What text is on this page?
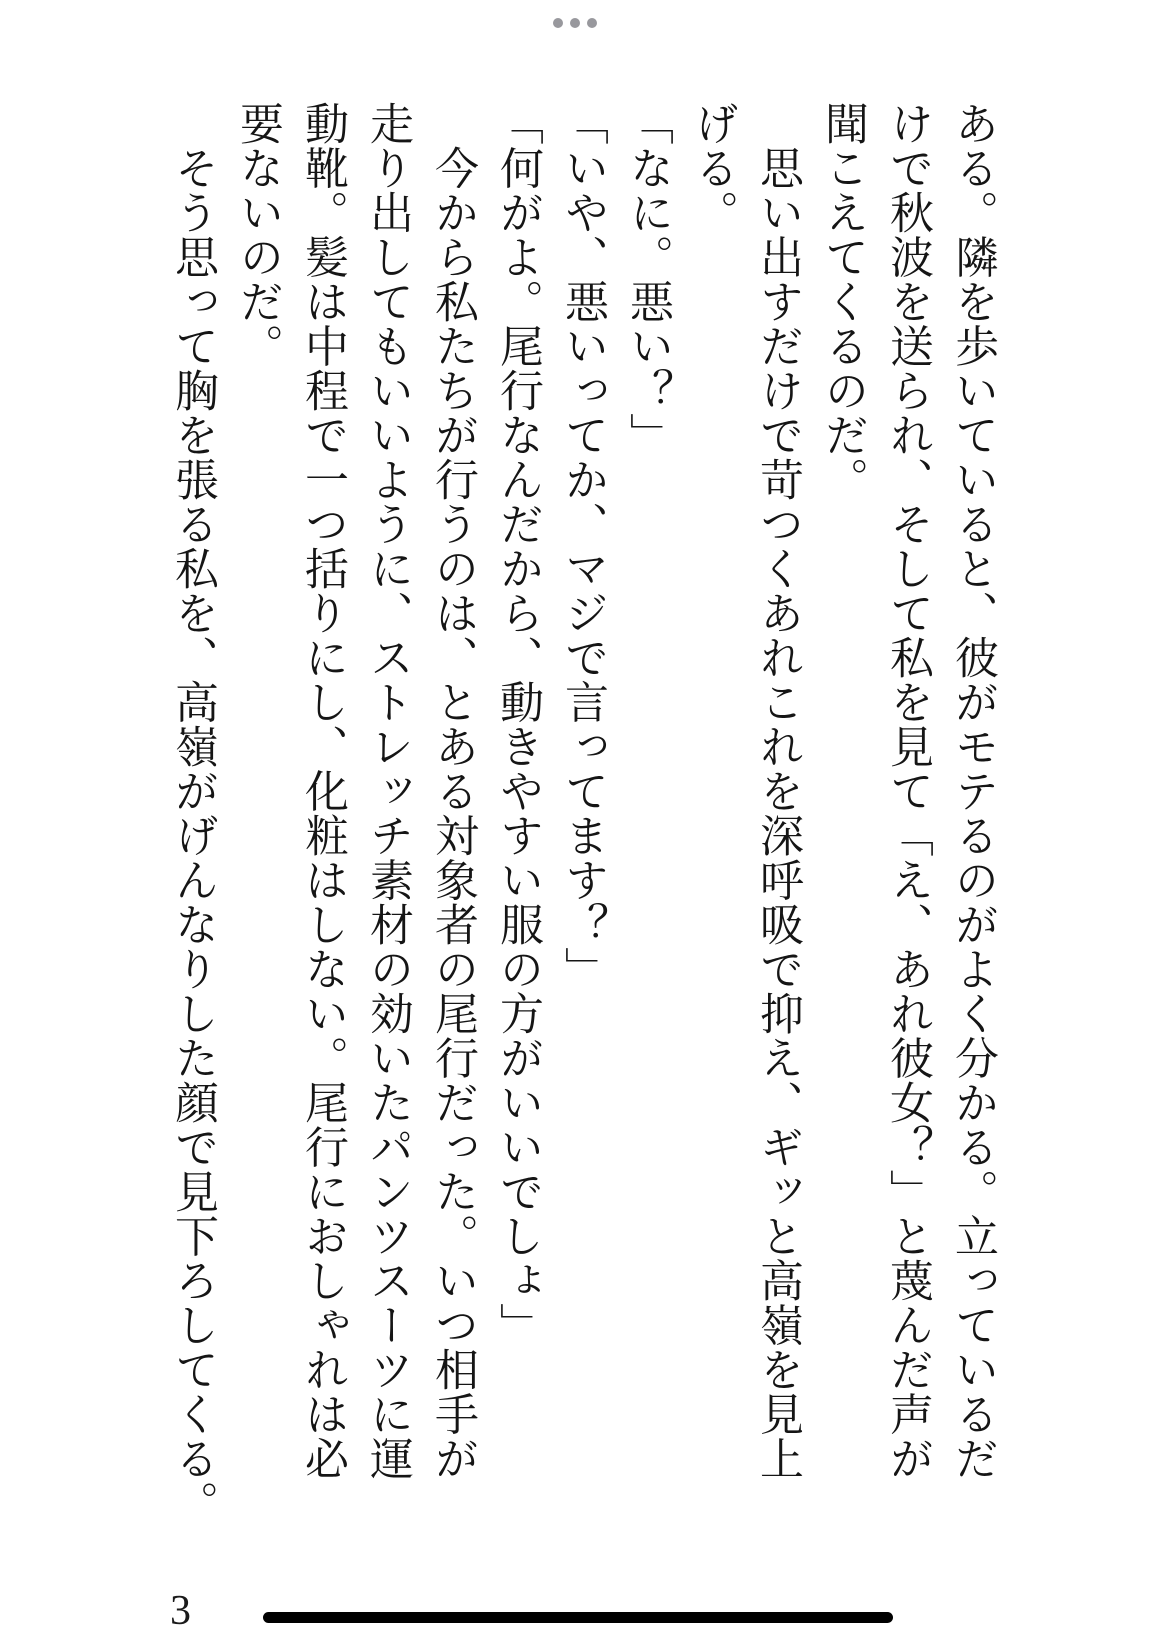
ある。隣を歩いていると、彼がモテるのがよく分かる。立っているだ
けで秋波を送られ、そして私を見て「え、あれ彼女？」と蔑んだ声が
聞こえてくるのだ。
　思い出すだけで苛つくあれこれを深呼吸で抑え、ギッと高嶺を見上
げる。
「なに。悪い？」
「いや、悪いってか、マジで言ってます？」
「何がよ。尾行なんだから、動きやすい服の方がいいでしょ」
　今から私たちが行うのは、とある対象者の尾行だった。いつ相手が
走り出してもいいように、ストレッチ素材の効いたパンツスーツに運
動靴。髪は中程で一つ括りにし、化粧はしない。尾行におしゃれは必
要ないのだ。
　そう思って胸を張る私を、高嶺がげんなりした顔で見下ろしてくる。
3
